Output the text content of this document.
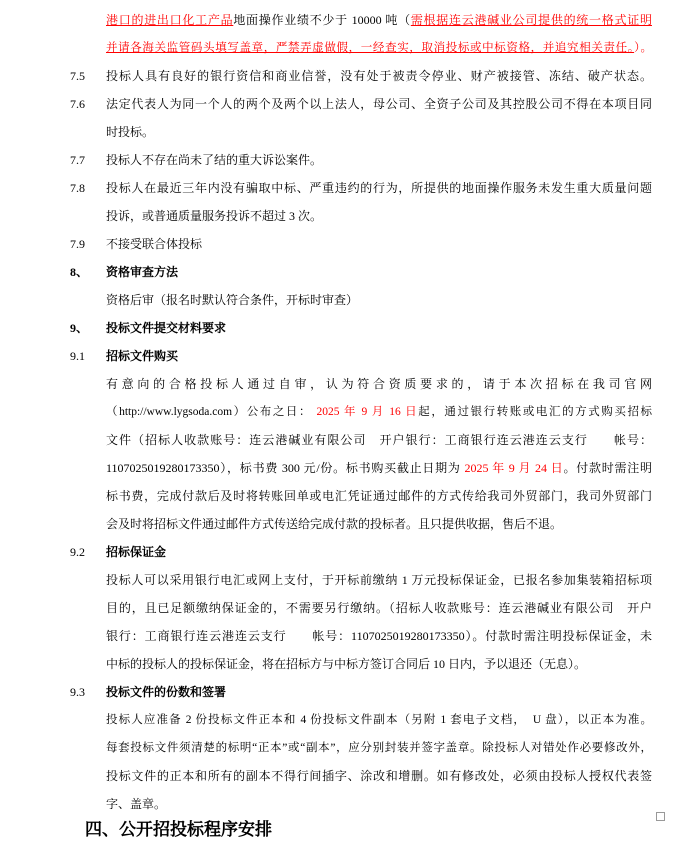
港口的进出口化工产品地面操作业绩不少于 10000 吨（需根据连云港碱业公司提供的统一格式证明
并请各海关监管码头填写盖章，严禁弄虚做假，一经查实，取消投标或中标资格，并追究相关责任。）。
7.5 投标人具有良好的银行资信和商业信誉，没有处于被责令停业、财产被接管、冻结、破产状态。
7.6 法定代表人为同一个人的两个及两个以上法人，母公司、全资子公司及其控股公司不得在本项目同
时投标。
7.7 投标人不存在尚未了结的重大诉讼案件。
7.8 投标人在最近三年内没有骗取中标、严重违约的行为，所提供的地面操作服务未发生重大质量问题
投诉，或普通质量服务投诉不超过 3 次。
7.9 不接受联合体投标
8、 资格审查方法
资格后审（报名时默认符合条件，开标时审查）
9、 投标文件提交材料要求
9.1 招标文件购买
有意向的合格投标人通过自审，认为符合资质要求的，请于本次招标在我司官网
（http://www.lygsoda.com）公布之日： 2025 年 9 月 16 日起，通过银行转账或电汇的方式购买招标
文件（招标人收款账号：连云港碱业有限公司　开户银行：工商银行连云港连云支行　　帐号：
1107025019280173350），标书费 300 元/份。标书购买截止日期为 2025 年 9 月 24 日。付款时需注明
标书费，完成付款后及时将转账回单或电汇凭证通过邮件的方式传给我司外贸部门，我司外贸部门
会及时将招标文件通过邮件方式传送给完成付款的投标者。且只提供收据，售后不退。
9.2 招标保证金
投标人可以采用银行电汇或网上支付，于开标前缴纳 1 万元投标保证金，已报名参加集装箱招标项
目的，且已足额缴纳保证金的，不需要另行缴纳。（招标人收款账号：连云港碱业有限公司　开户
银行：工商银行连云港连云支行　　帐号：1107025019280173350）。付款时需注明投标保证金，未
中标的投标人的投标保证金，将在招标方与中标方签订合同后 10 日内，予以退还（无息）。
9.3 投标文件的份数和签署
投标人应准备 2 份投标文件正本和 4 份投标文件副本（另附 1 套电子文档，　U 盘），以正本为准。
每套投标文件须清楚的标明“正本”或“副本”，应分别封装并签字盖章。除投标人对错处作必要修改外，
投标文件的正本和所有的副本不得行间插字、涂改和增删。如有修改处，必须由投标人授权代表签
字、盖章。
四、公开招投标程序安排
